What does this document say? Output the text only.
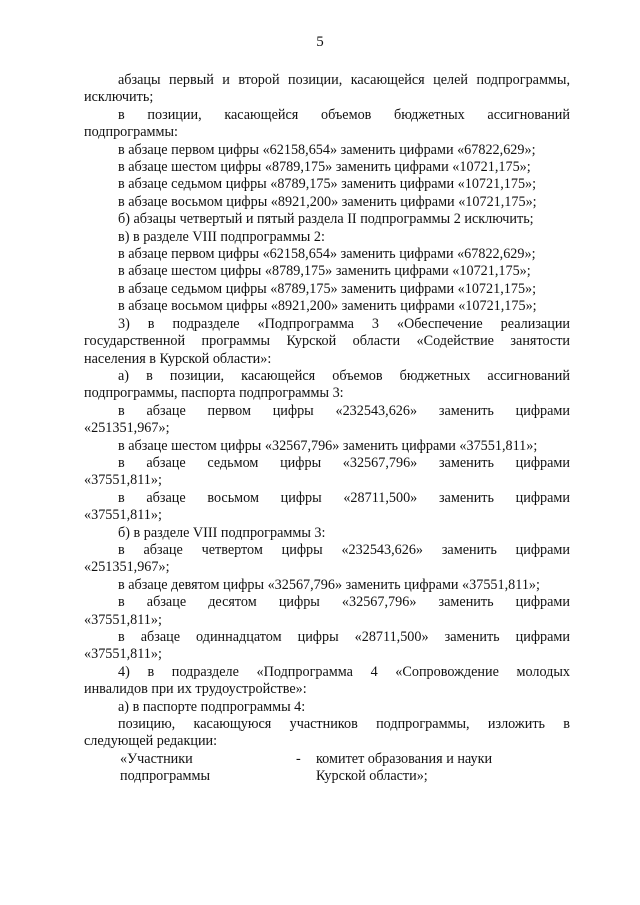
5

абзацы первый и второй позиции, касающейся целей подпрограммы,

исключить;

в позиции, касающейся объемов бюджетных ассигнований

подпрограммы:

в абзаце первом цифры «62158,654» заменить цифрами «67822,629»;

в абзаце шестом цифры «8789,175» заменить цифрами «10721,175»;

в абзаце седьмом цифры «8789,175» заменить цифрами «10721,175»;

в абзаце восьмом цифры «8921,200» заменить цифрами «10721,175»;

б) абзацы четвертый и пятый раздела II подпрограммы 2 исключить;

в) в разделе VIII подпрограммы 2:

в абзаце первом цифры «62158,654» заменить цифрами «67822,629»;

в абзаце шестом цифры «8789,175» заменить цифрами «10721,175»;

в абзаце седьмом цифры «8789,175» заменить цифрами «10721,175»;

в абзаце восьмом цифры «8921,200» заменить цифрами «10721,175»;

3) в подразделе «Подпрограмма 3 «Обеспечение реализации

государственной программы Курской области «Содействие занятости

населения в Курской области»:

а) в позиции, касающейся объемов бюджетных ассигнований

подпрограммы, паспорта подпрограммы 3:

в абзаце первом цифры «232543,626» заменить цифрами

«251351,967»;

в абзаце шестом цифры «32567,796» заменить цифрами «37551,811»;

в абзаце седьмом цифры «32567,796» заменить цифрами

«37551,811»;

в абзаце восьмом цифры «28711,500» заменить цифрами

«37551,811»;

б) в разделе VIII подпрограммы 3:

в абзаце четвертом цифры «232543,626» заменить цифрами

«251351,967»;

в абзаце девятом цифры «32567,796» заменить цифрами «37551,811»;

в абзаце десятом цифры «32567,796» заменить цифрами

«37551,811»;

в абзаце одиннадцатом цифры «28711,500» заменить цифрами

«37551,811»;

4) в подразделе «Подпрограмма 4 «Сопровождение молодых

инвалидов при их трудоустройстве»:

а) в паспорте подпрограммы 4:

позицию, касающуюся участников подпрограммы, изложить в

следующей редакции:

«Участники
подпрограммы
- комитет образования и науки
Курской области»;
